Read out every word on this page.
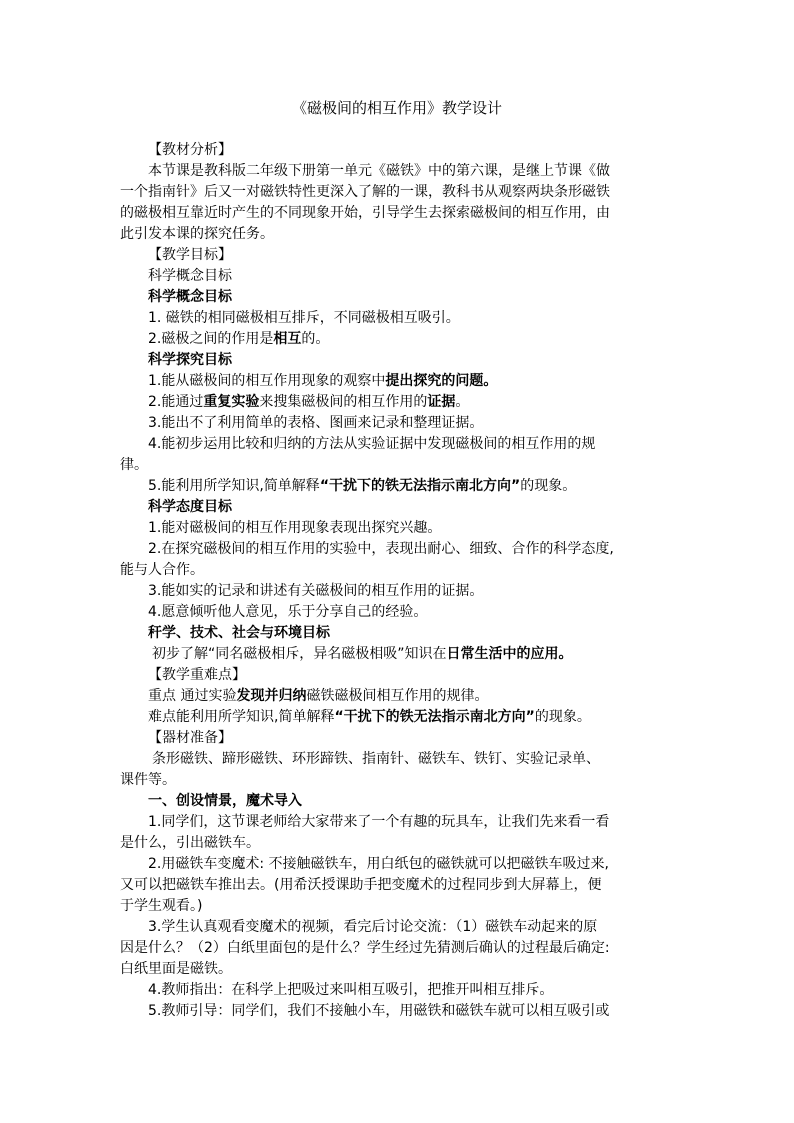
《磁极间的相互作用》教学设计

【教材分析】

本节课是教科版二年级下册第一单元《磁铁》中的第六课，是继上节课《做

一个指南针》后又一对磁铁特性更深入了解的一课，教科书从观察两块条形磁铁

的磁极相互靠近时产生的不同现象开始，引导学生去探索磁极间的相互作用，由

此引发本课的探究任务。

【教学目标】

科学概念目标

科学概念目标

1. 磁铁的相同磁极相互排斥，不同磁极相互吸引。

2.磁极之间的作用是相互的。

科学探究目标

1.能从磁极间的相互作用现象的观察中提出探究的问题。

2.能通过重复实验来搜集磁极间的相互作用的证据。

3.能出不了利用简单的表格、图画来记录和整理证据。

4.能初步运用比较和归纳的方法从实验证据中发现磁极间的相互作用的规

律。

5.能利用所学知识,简单解释“干扰下的铁无法指示南北方向”的现象。

科学态度目标

1.能对磁极间的相互作用现象表现出探究兴趣。

2.在探究磁极间的相互作用的实验中，表现出耐心、细致、合作的科学态度,

能与人合作。

3.能如实的记录和讲述有关磁极间的相互作用的证据。

4.愿意倾听他人意见，乐于分享自己的经验。

秆学、技术、社会与环境目标

初步了解“同名磁极相斥，异名磁极相吸”知识在日常生活中的应用。

【教学重难点】

重点 通过实验发现并归纳磁铁磁极间相互作用的规律。

难点能利用所学知识,简单解释“干扰下的铁无法指示南北方向”的现象。

【器材准备】

条形磁铁、蹄形磁铁、环形蹄铁、指南针、磁铁车、铁钉、实验记录单、

课件等。

一、创设情景，魔术导入

1.同学们，这节课老师给大家带来了一个有趣的玩具车，让我们先来看一看

是什么，引出磁铁车。

2.用磁铁车变魔术: 不接触磁铁车，用白纸包的磁铁就可以把磁铁车吸过来,

又可以把磁铁车推出去。(用希沃授课助手把变魔术的过程同步到大屏幕上，便

于学生观看。)

3.学生认真观看变魔术的视频，看完后讨论交流：（1）磁铁车动起来的原

因是什么？（2）白纸里面包的是什么？学生经过先猜测后确认的过程最后确定:

白纸里面是磁铁。

4.教师指出：在科学上把吸过来叫相互吸引，把推开叫相互排斥。

5.教师引导：同学们，我们不接触小车，用磁铁和磁铁车就可以相互吸引或
